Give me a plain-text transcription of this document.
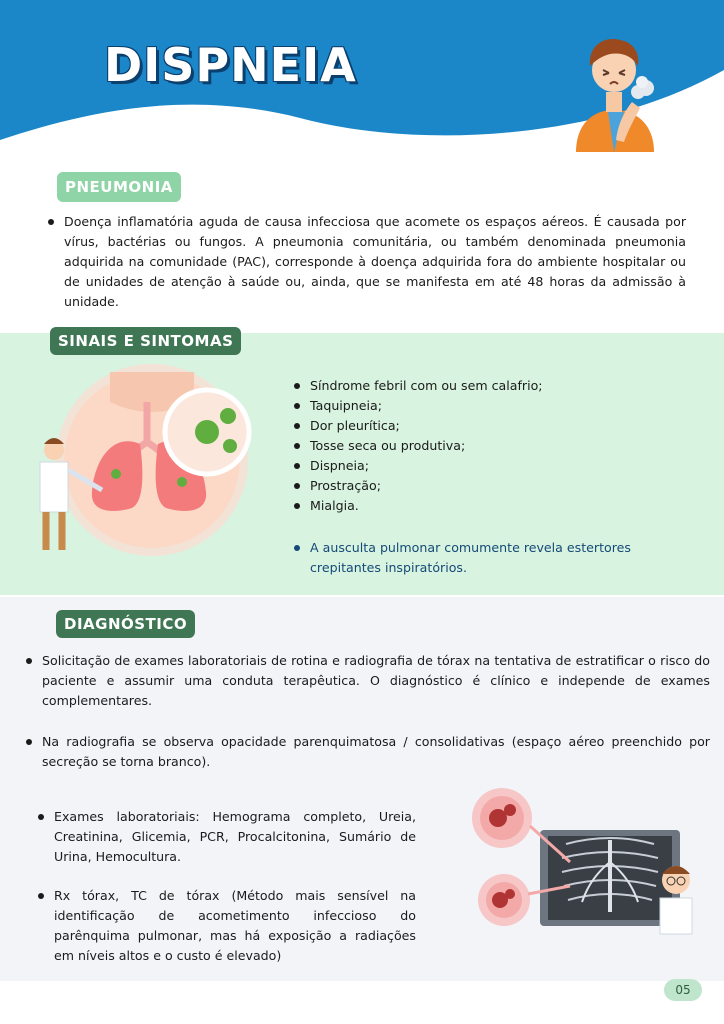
DISPNEIA
PNEUMONIA
Doença inflamatória aguda de causa infecciosa que acomete os espaços aéreos. É causada por vírus, bactérias ou fungos. A pneumonia comunitária, ou também denominada pneumonia adquirida na comunidade (PAC), corresponde à doença adquirida fora do ambiente hospitalar ou de unidades de atenção à saúde ou, ainda, que se manifesta em até 48 horas da admissão à unidade.
SINAIS E SINTOMAS
Síndrome febril com ou sem calafrio;
Taquipneia;
Dor pleurítica;
Tosse seca ou produtiva;
Dispneia;
Prostração;
Mialgia.
A ausculta pulmonar comumente revela estertores crepitantes inspiratórios.
DIAGNÓSTICO
Solicitação de exames laboratoriais de rotina e radiografia de tórax na tentativa de estratificar o risco do paciente e assumir uma conduta terapêutica. O diagnóstico é clínico e independe de exames complementares.
Na radiografia se observa opacidade parenquimatosa / consolidativas (espaço aéreo preenchido por secreção se torna branco).
Exames laboratoriais: Hemograma completo, Ureia, Creatinina, Glicemia, PCR, Procalcitonina, Sumário de Urina, Hemocultura.
Rx tórax, TC de tórax (Método mais sensível na identificação de acometimento infeccioso do parênquima pulmonar, mas há exposição a radiações em níveis altos e o custo é elevado)
05
